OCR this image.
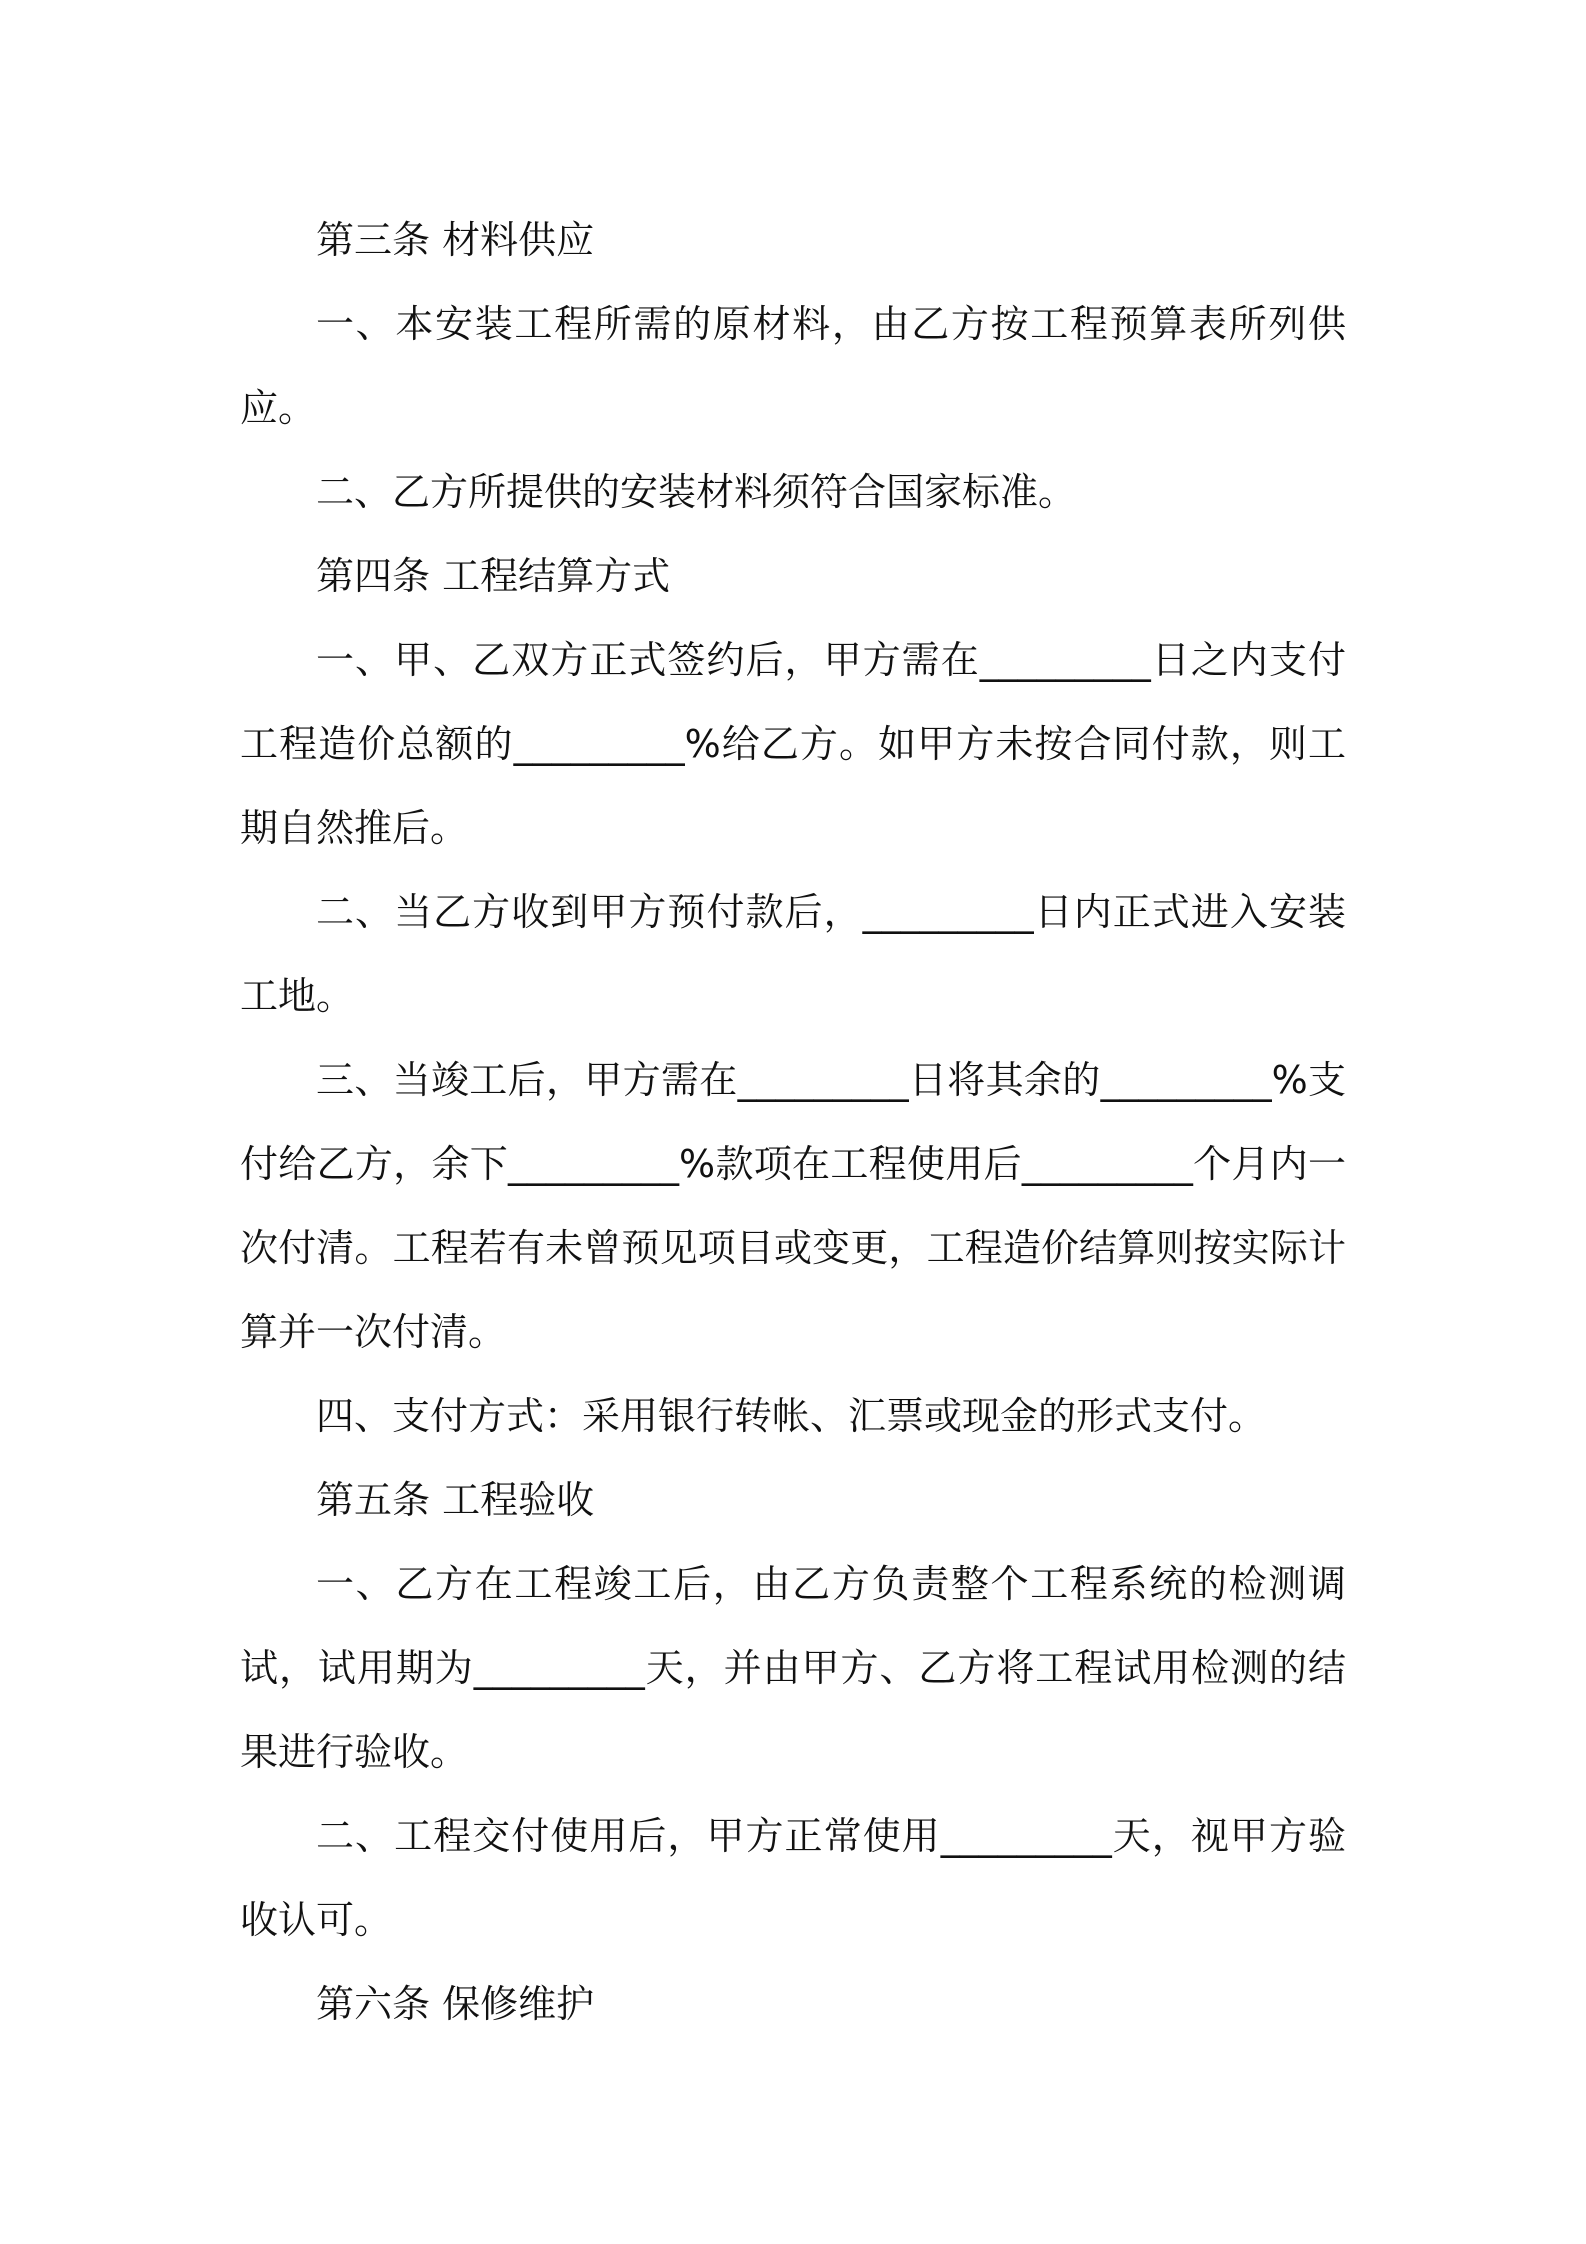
第三条 材料供应

一、本安装工程所需的原材料，由乙方按工程预算表所列供应。

二、乙方所提供的安装材料须符合国家标准。

第四条 工程结算方式

一、甲、乙双方正式签约后，甲方需在_________日之内支付工程造价总额的_________%给乙方。如甲方未按合同付款，则工期自然推后。

二、当乙方收到甲方预付款后，_________日内正式进入安装工地。

三、当竣工后，甲方需在_________日将其余的_________%支付给乙方，余下_________%款项在工程使用后_________个月内一次付清。工程若有未曾预见项目或变更，工程造价结算则按实际计算并一次付清。

四、支付方式：采用银行转帐、汇票或现金的形式支付。

第五条 工程验收

一、乙方在工程竣工后，由乙方负责整个工程系统的检测调试，试用期为_________天，并由甲方、乙方将工程试用检测的结果进行验收。

二、工程交付使用后，甲方正常使用_________天，视甲方验收认可。

第六条 保修维护
